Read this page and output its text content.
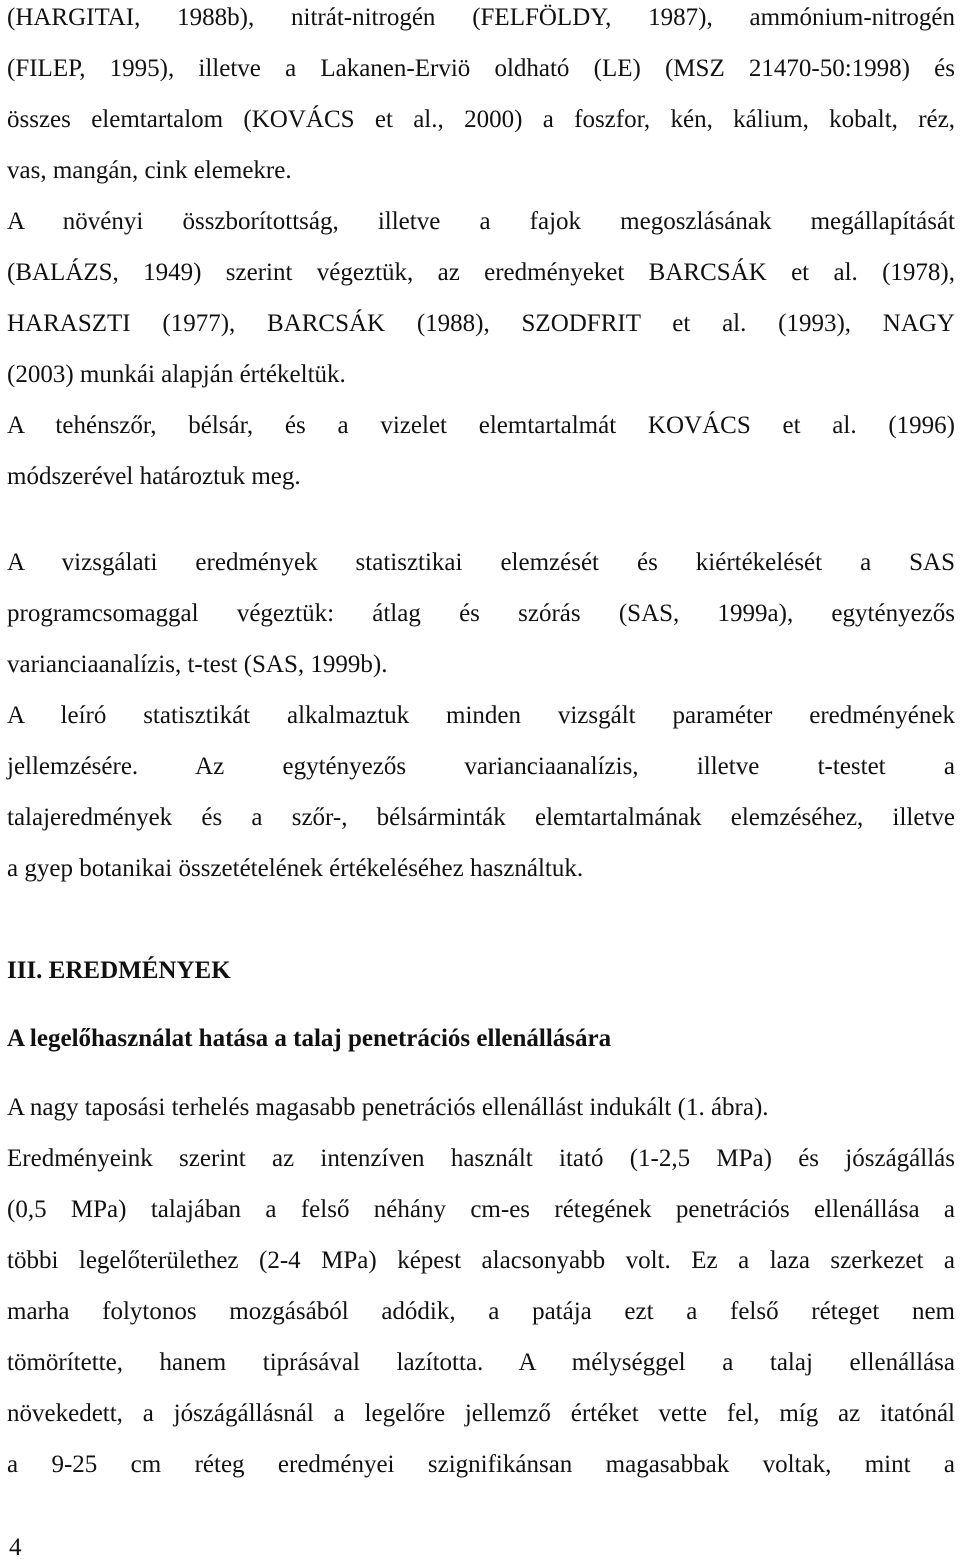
(HARGITAI, 1988b), nitrát-nitrogén (FELFÖLDY, 1987), ammónium-nitrogén
(FILEP, 1995), illetve a Lakanen-Erviö oldható (LE) (MSZ 21470-50:1998) és
összes elemtartalom (KOVÁCS et al., 2000) a foszfor, kén, kálium, kobalt, réz,
vas, mangán, cink elemekre.
A növényi összborítottság, illetve a fajok megoszlásának megállapítását
(BALÁZS, 1949) szerint végeztük, az eredményeket BARCSÁK et al. (1978),
HARASZTI (1977), BARCSÁK (1988), SZODFRIT et al. (1993), NAGY
(2003) munkái alapján értékeltük.
A tehénszőr, bélsár, és a vizelet elemtartalmát KOVÁCS et al. (1996)
módszerével határoztuk meg.
A vizsgálati eredmények statisztikai elemzését és kiértékelését a SAS
programcsomaggal végeztük: átlag és szórás (SAS, 1999a), egytényezős
varianciaanalízis, t-test (SAS, 1999b).
A leíró statisztikát alkalmaztuk minden vizsgált paraméter eredményének
jellemzésére. Az egytényezős varianciaanalízis, illetve t-testet a
talajeredmények és a szőr-, bélsárminták elemtartalmának elemzéséhez, illetve
a gyep botanikai összetételének értékeléséhez használtuk.
III. EREDMÉNYEK
A legelőhasználat hatása a talaj penetrációs ellenállására
A nagy taposási terhelés magasabb penetrációs ellenállást indukált (1. ábra).
Eredményeink szerint az intenzíven használt itató (1-2,5 MPa) és jószágállás
(0,5 MPa) talajában a felső néhány cm-es rétegének penetrációs ellenállása a
többi legelőterülethez (2-4 MPa) képest alacsonyabb volt. Ez a laza szerkezet a
marha folytonos mozgásából adódik, a patája ezt a felső réteget nem
tömörítette, hanem tiprásával lazította. A mélységgel a talaj ellenállása
növekedett, a jószágállásnál a legelőre jellemző értéket vette fel, míg az itatónál
a 9-25 cm réteg eredményei szignifikánsan magasabbak voltak, mint a
4
